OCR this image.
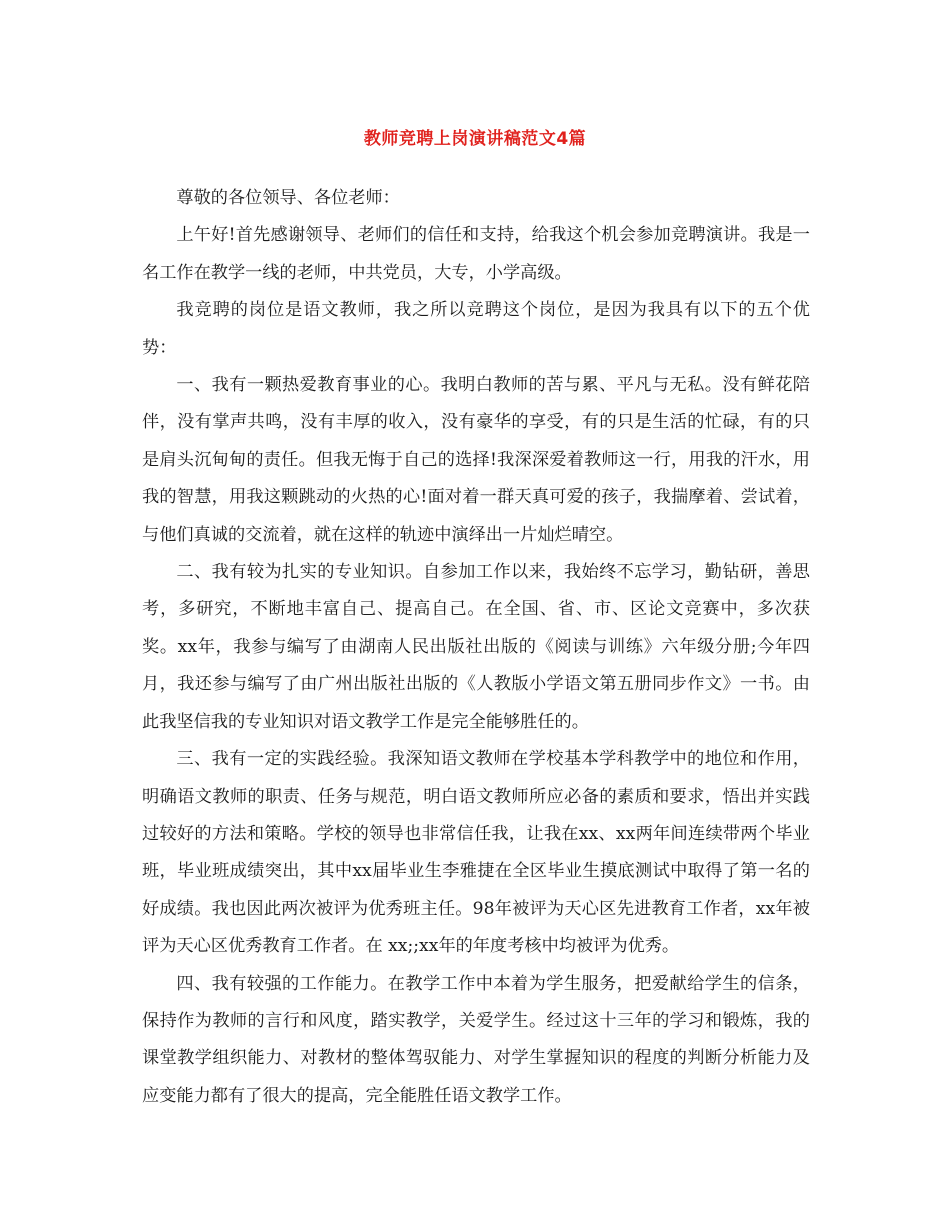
教师竞聘上岗演讲稿范文4篇

尊敬的各位领导、各位老师：

上午好!首先感谢领导、老师们的信任和支持，给我这个机会参加竞聘演讲。我是一名工作在教学一线的老师，中共党员，大专，小学高级。

我竞聘的岗位是语文教师，我之所以竞聘这个岗位，是因为我具有以下的五个优势：

一、我有一颗热爱教育事业的心。我明白教师的苦与累、平凡与无私。没有鲜花陪伴，没有掌声共鸣，没有丰厚的收入，没有豪华的享受，有的只是生活的忙碌，有的只是肩头沉甸甸的责任。但我无悔于自己的选择!我深深爱着教师这一行，用我的汗水，用我的智慧，用我这颗跳动的火热的心!面对着一群天真可爱的孩子，我揣摩着、尝试着，与他们真诚的交流着，就在这样的轨迹中演绎出一片灿烂晴空。

二、我有较为扎实的专业知识。自参加工作以来，我始终不忘学习，勤钻研，善思考，多研究，不断地丰富自己、提高自己。在全国、省、市、区论文竞赛中，多次获奖。xx年，我参与编写了由湖南人民出版社出版的《阅读与训练》六年级分册;今年四月，我还参与编写了由广州出版社出版的《人教版小学语文第五册同步作文》一书。由此我坚信我的专业知识对语文教学工作是完全能够胜任的。

三、我有一定的实践经验。我深知语文教师在学校基本学科教学中的地位和作用，明确语文教师的职责、任务与规范，明白语文教师所应必备的素质和要求，悟出并实践过较好的方法和策略。学校的领导也非常信任我，让我在xx、xx两年间连续带两个毕业班，毕业班成绩突出，其中xx届毕业生李雅捷在全区毕业生摸底测试中取得了第一名的好成绩。我也因此两次被评为优秀班主任。98年被评为天心区先进教育工作者，xx年被评为天心区优秀教育工作者。在 xx;;xx年的年度考核中均被评为优秀。

四、我有较强的工作能力。在教学工作中本着为学生服务，把爱献给学生的信条，保持作为教师的言行和风度，踏实教学，关爱学生。经过这十三年的学习和锻炼，我的课堂教学组织能力、对教材的整体驾驭能力、对学生掌握知识的程度的判断分析能力及应变能力都有了很大的提高，完全能胜任语文教学工作。
